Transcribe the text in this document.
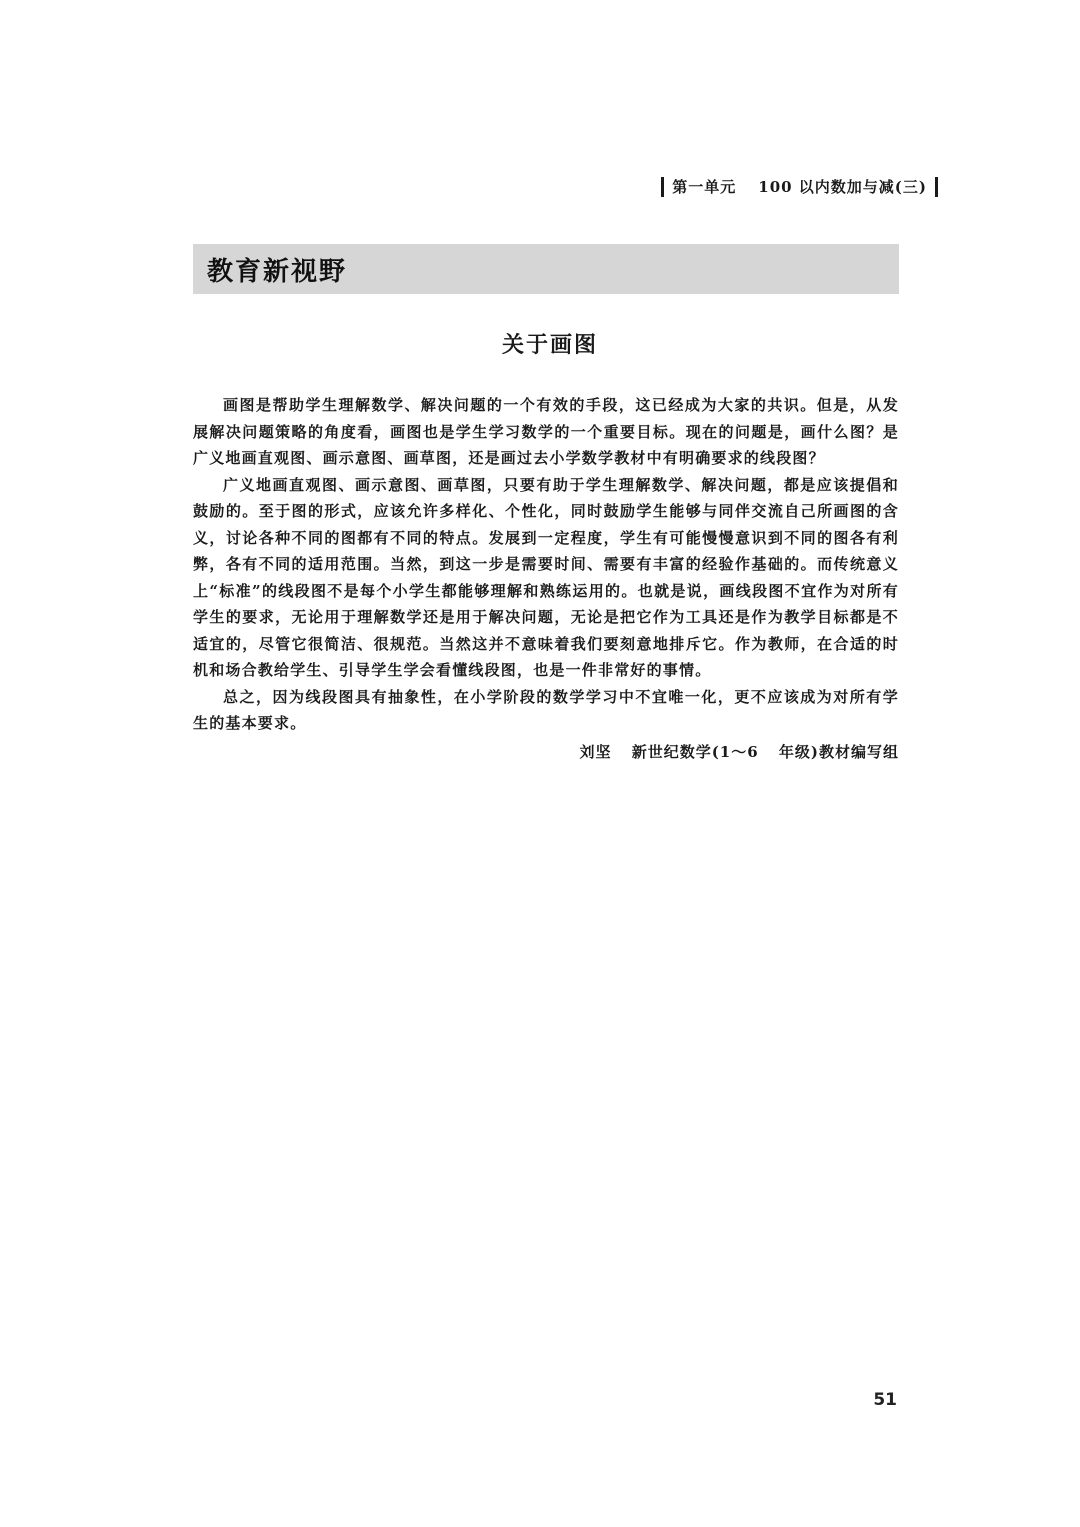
第一单元 100 以内数加与减(三)
教育新视野
关于画图

画图是帮助学生理解数学、解决问题的一个有效的手段，这已经成为大家的共识。但是，从发展解决问题策略的角度看，画图也是学生学习数学的一个重要目标。现在的问题是，画什么图？是广义地画直观图、画示意图、画草图，还是画过去小学数学教材中有明确要求的线段图？

广义地画直观图、画示意图、画草图，只要有助于学生理解数学、解决问题，都是应该提倡和鼓励的。至于图的形式，应该允许多样化、个性化，同时鼓励学生能够与同伴交流自己所画图的含义，讨论各种不同的图都有不同的特点。发展到一定程度，学生有可能慢慢意识到不同的图各有利弊，各有不同的适用范围。当然，到这一步是需要时间、需要有丰富的经验作基础的。而传统意义上“标准”的线段图不是每个小学生都能够理解和熟练运用的。也就是说，画线段图不宜作为对所有学生的要求，无论用于理解数学还是用于解决问题，无论是把它作为工具还是作为教学目标都是不适宜的，尽管它很简洁、很规范。当然这并不意味着我们要刻意地排斥它。作为教师，在合适的时机和场合教给学生、引导学生学会看懂线段图，也是一件非常好的事情。

总之，因为线段图具有抽象性，在小学阶段的数学学习中不宜唯一化，更不应该成为对所有学生的基本要求。

刘坚 新世纪数学(1～6 年级)教材编写组
51
